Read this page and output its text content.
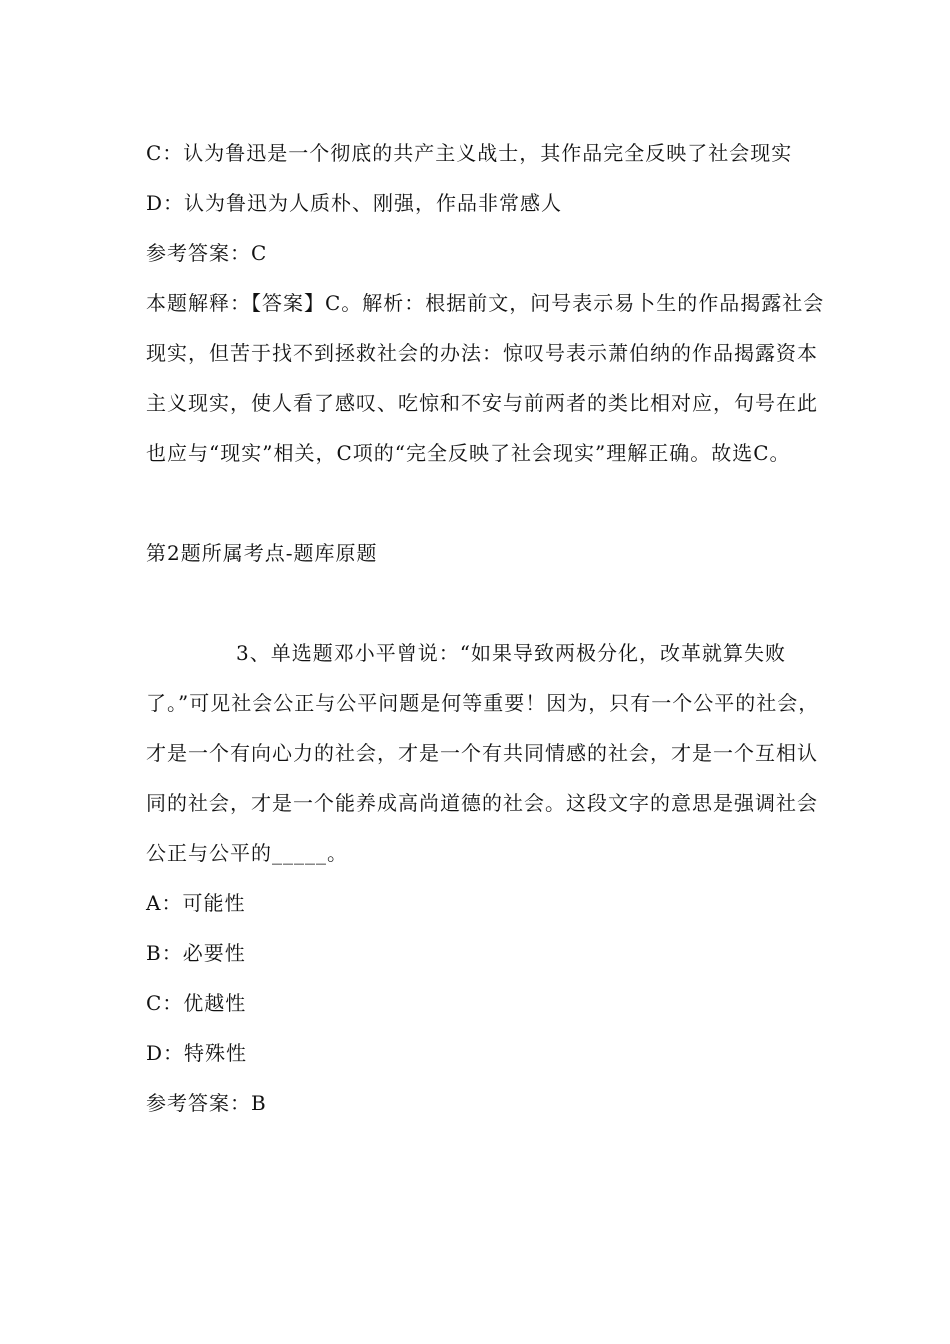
C：认为鲁迅是一个彻底的共产主义战士，其作品完全反映了社会现实

D：认为鲁迅为人质朴、刚强，作品非常感人

参考答案：C

本题解释：【答案】C。解析：根据前文，问号表示易卜生的作品揭露社会现实，但苦于找不到拯救社会的办法：惊叹号表示萧伯纳的作品揭露资本主义现实，使人看了感叹、吃惊和不安与前两者的类比相对应，句号在此也应与“现实”相关，C项的“完全反映了社会现实”理解正确。故选C。

第2题所属考点-题库原题

3、单选题邓小平曾说：“如果导致两极分化，改革就算失败了。”可见社会公正与公平问题是何等重要！因为，只有一个公平的社会，才是一个有向心力的社会，才是一个有共同情感的社会，才是一个互相认同的社会，才是一个能养成高尚道德的社会。这段文字的意思是强调社会公正与公平的_____。

A：可能性

B：必要性

C：优越性

D：特殊性

参考答案：B
